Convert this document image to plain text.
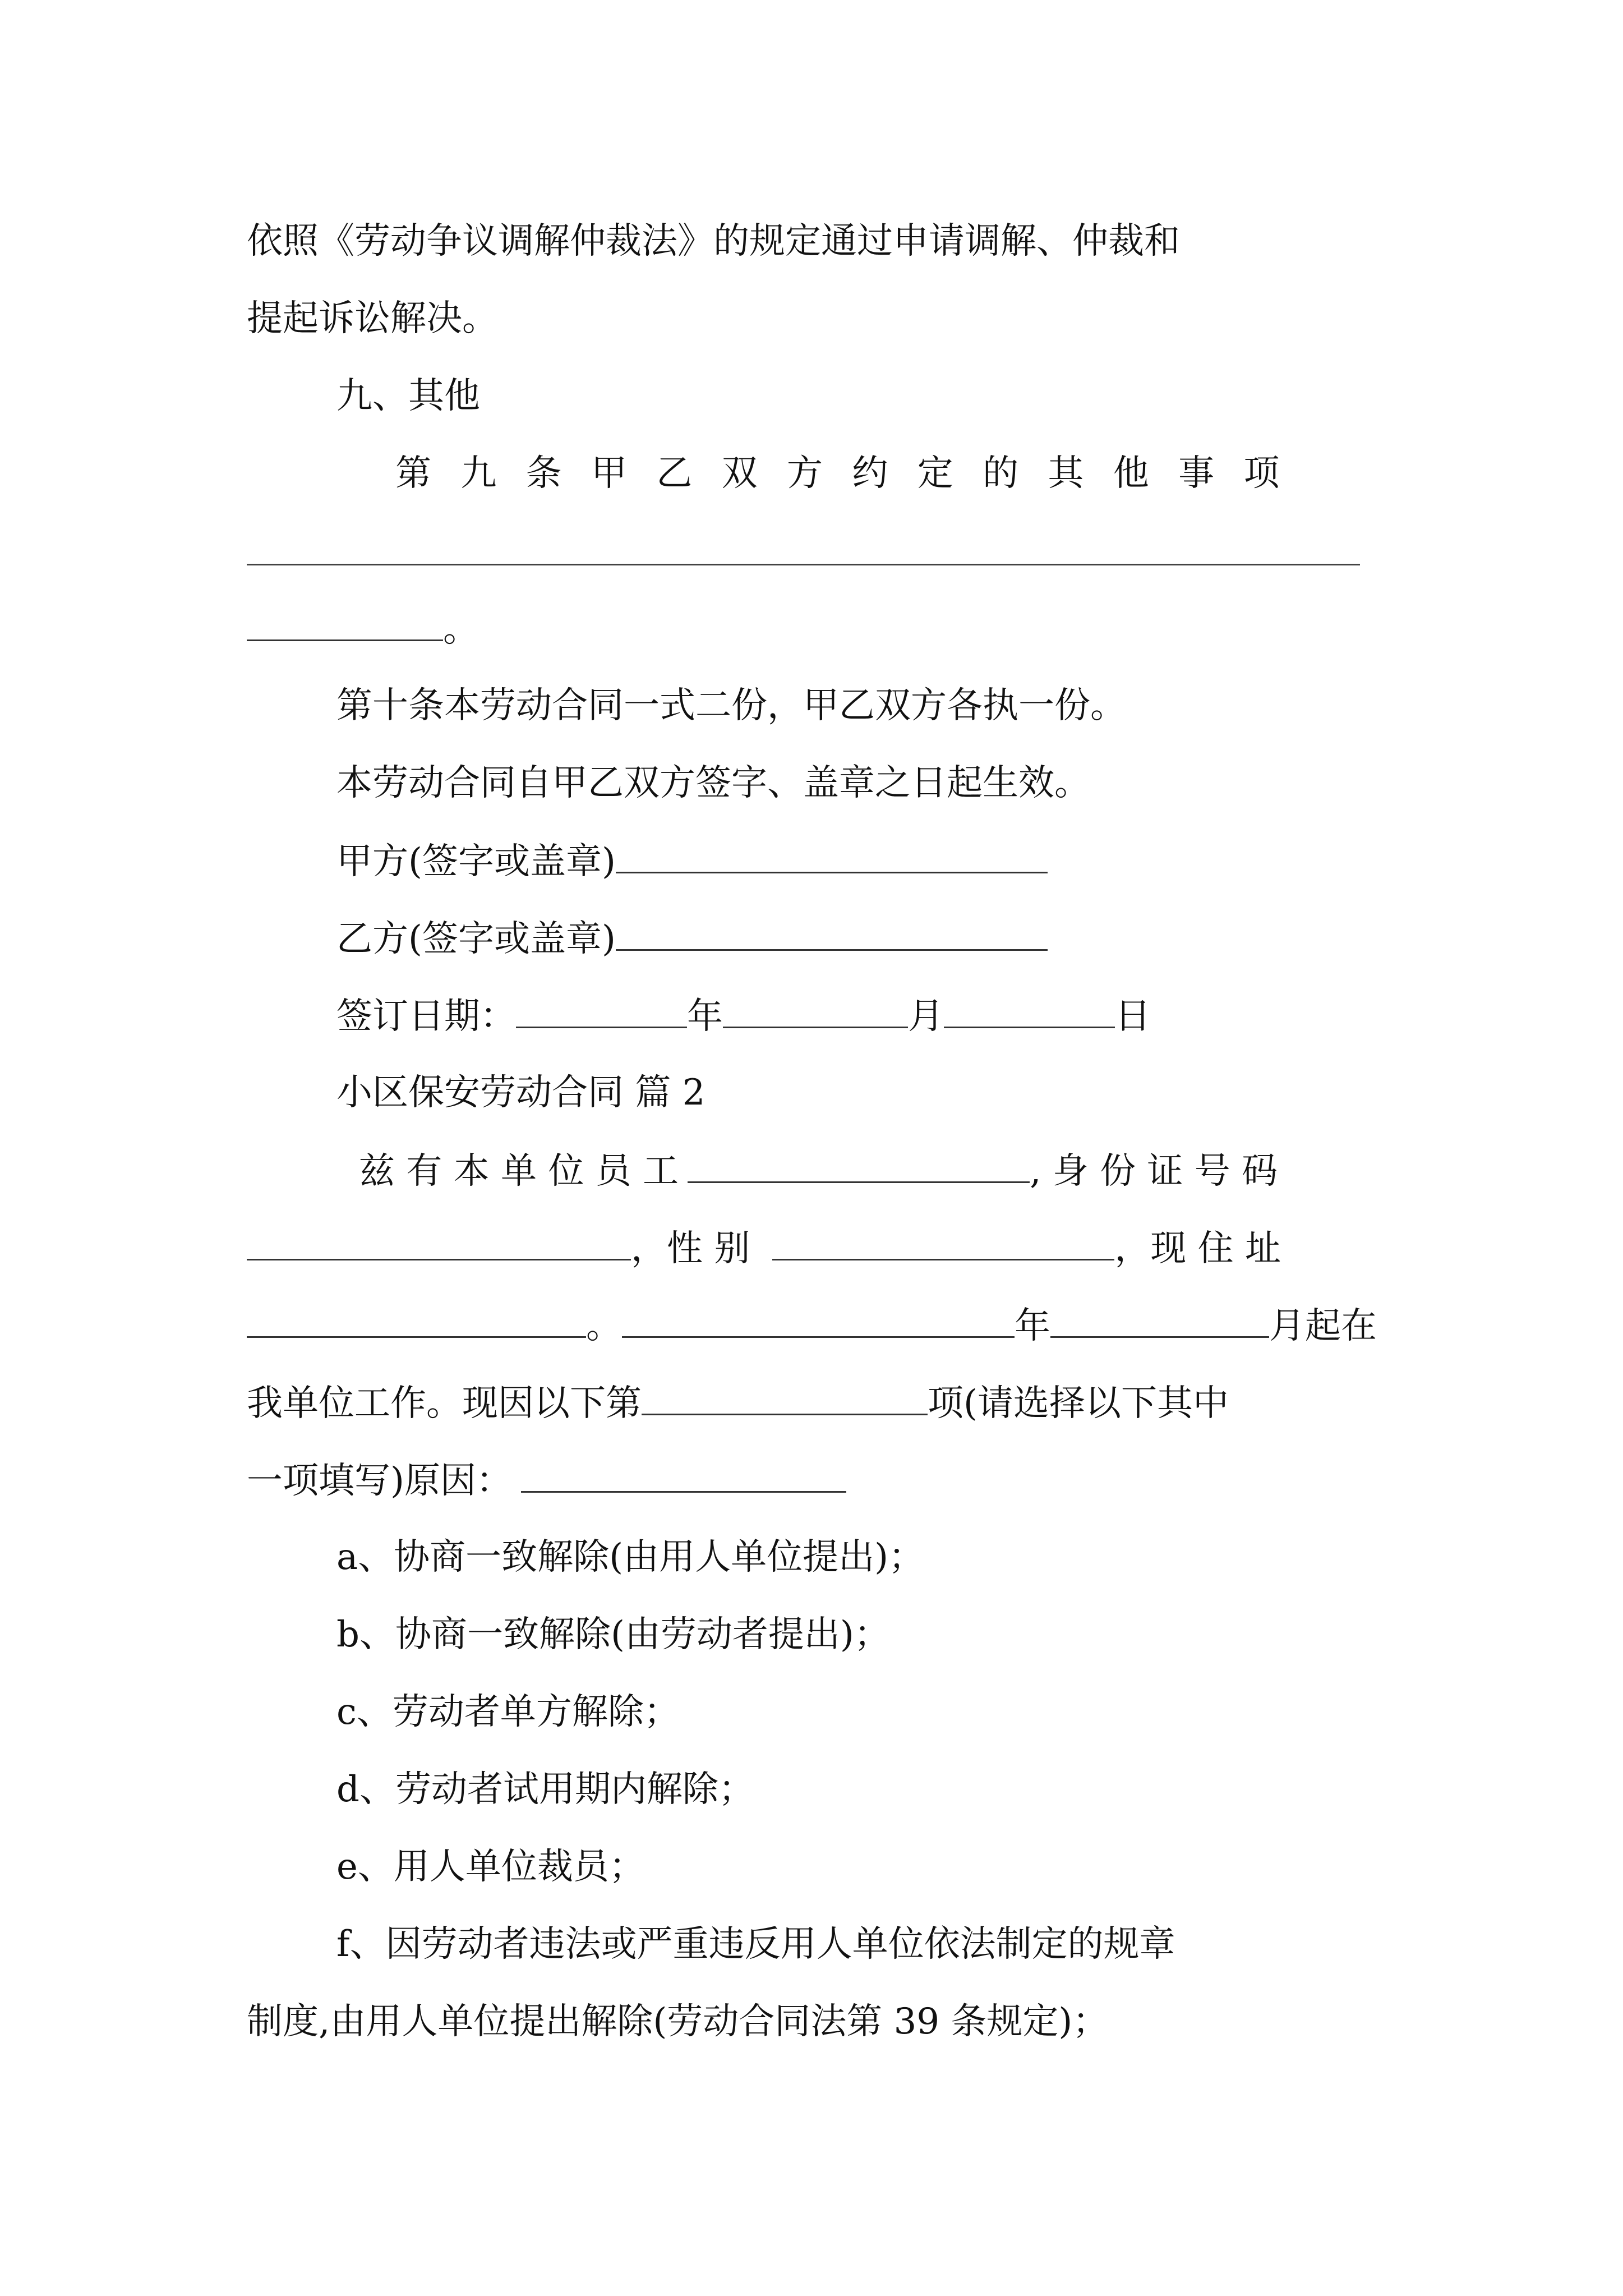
依照《劳动争议调解仲裁法》的规定通过申请调解、仲裁和
提起诉讼解决。
九、其他
第 九 条 甲 乙 双 方 约 定 的 其 他 事 项
。
第十条本劳动合同一式二份，甲乙双方各执一份。
本劳动合同自甲乙双方签字、盖章之日起生效。
甲方(签字或盖章)
乙方(签字或盖章)
签订日期：	年	月	日
小区保安劳动合同 篇 2
兹 有 本 单 位 员 工	, 身 份 证 号 码
，性 别	，现 住 址
。	年	月起在
我单位工作。现因以下第	项(请选择以下其中
一项填写)原因：
a、协商一致解除(由用人单位提出)；
b、协商一致解除(由劳动者提出)；
c、劳动者单方解除；
d、劳动者试用期内解除；
e、用人单位裁员；
f、因劳动者违法或严重违反用人单位依法制定的规章
制度,由用人单位提出解除(劳动合同法第 39 条规定)；
